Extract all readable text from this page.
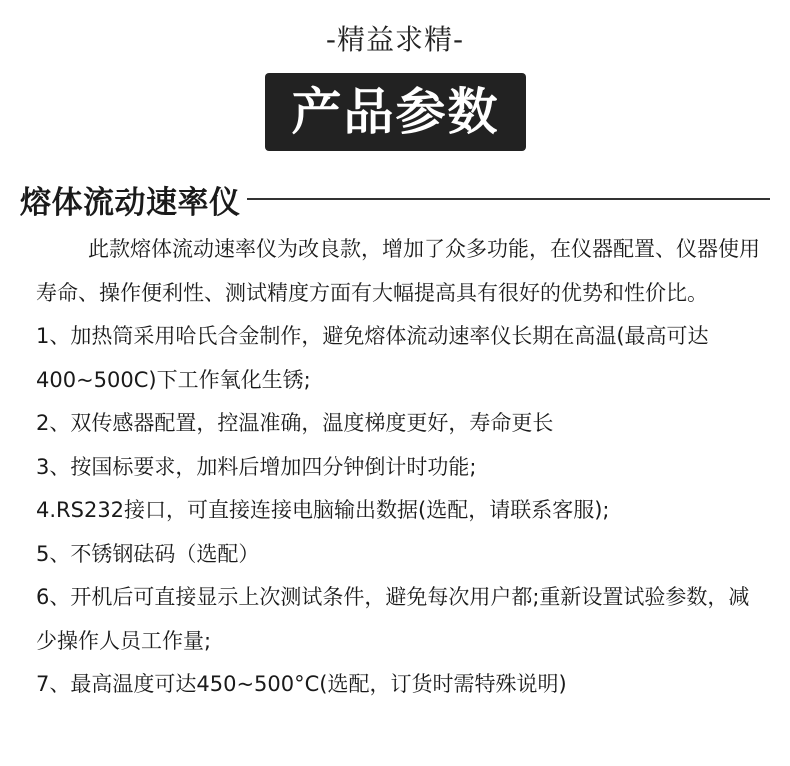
-精益求精-
产品参数
熔体流动速率仪

此款熔体流动速率仪为改良款，增加了众多功能，在仪器配置、仪器使用寿命、操作便利性、测试精度方面有大幅提高具有很好的优势和性价比。

1、加热筒采用哈氏合金制作，避免熔体流动速率仪长期在高温(最高可达400~500C)下工作氧化生锈;

2、双传感器配置，控温准确，温度梯度更好，寿命更长

3、按国标要求，加料后增加四分钟倒计时功能;

4.RS232接口，可直接连接电脑输出数据(选配，请联系客服);

5、不锈钢砝码（选配）

6、开机后可直接显示上次测试条件，避免每次用户都;重新设置试验参数，减少操作人员工作量;

7、最高温度可达450~500°C(选配，订货时需特殊说明)
